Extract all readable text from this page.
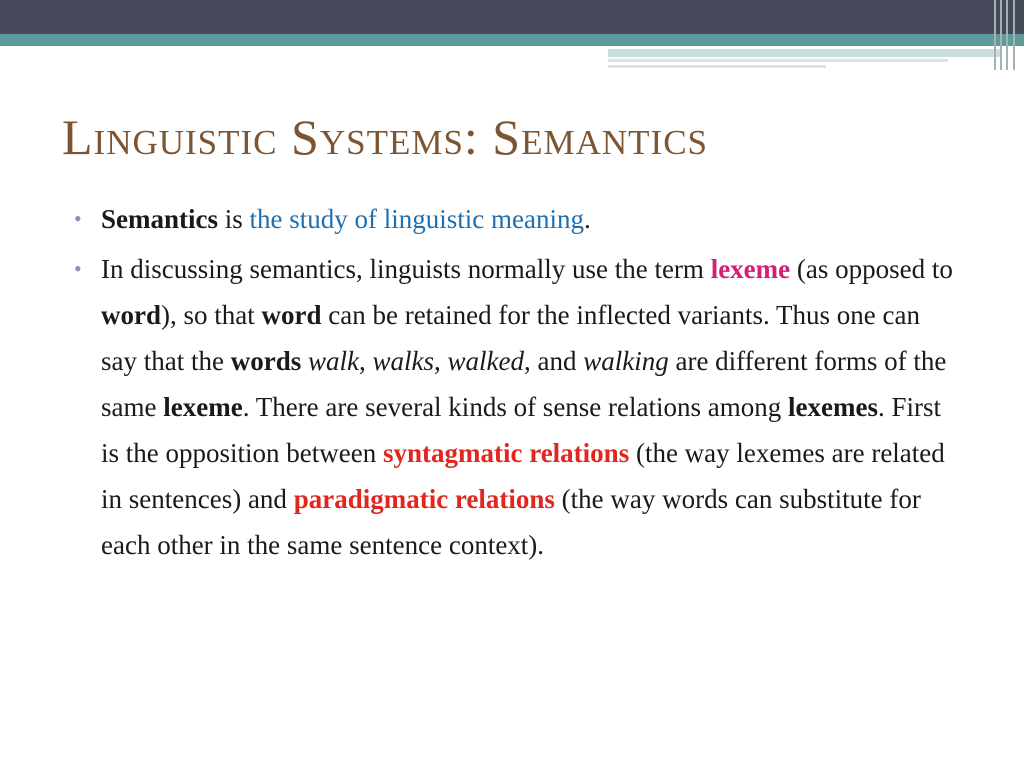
Linguistic Systems: Semantics

• Semantics is the study of linguistic meaning.

• In discussing semantics, linguists normally use the term lexeme (as opposed to word), so that word can be retained for the inflected variants. Thus one can say that the words walk, walks, walked, and walking are different forms of the same lexeme. There are several kinds of sense relations among lexemes. First is the opposition between syntagmatic relations (the way lexemes are related in sentences) and paradigmatic relations (the way words can substitute for each other in the same sentence context).
